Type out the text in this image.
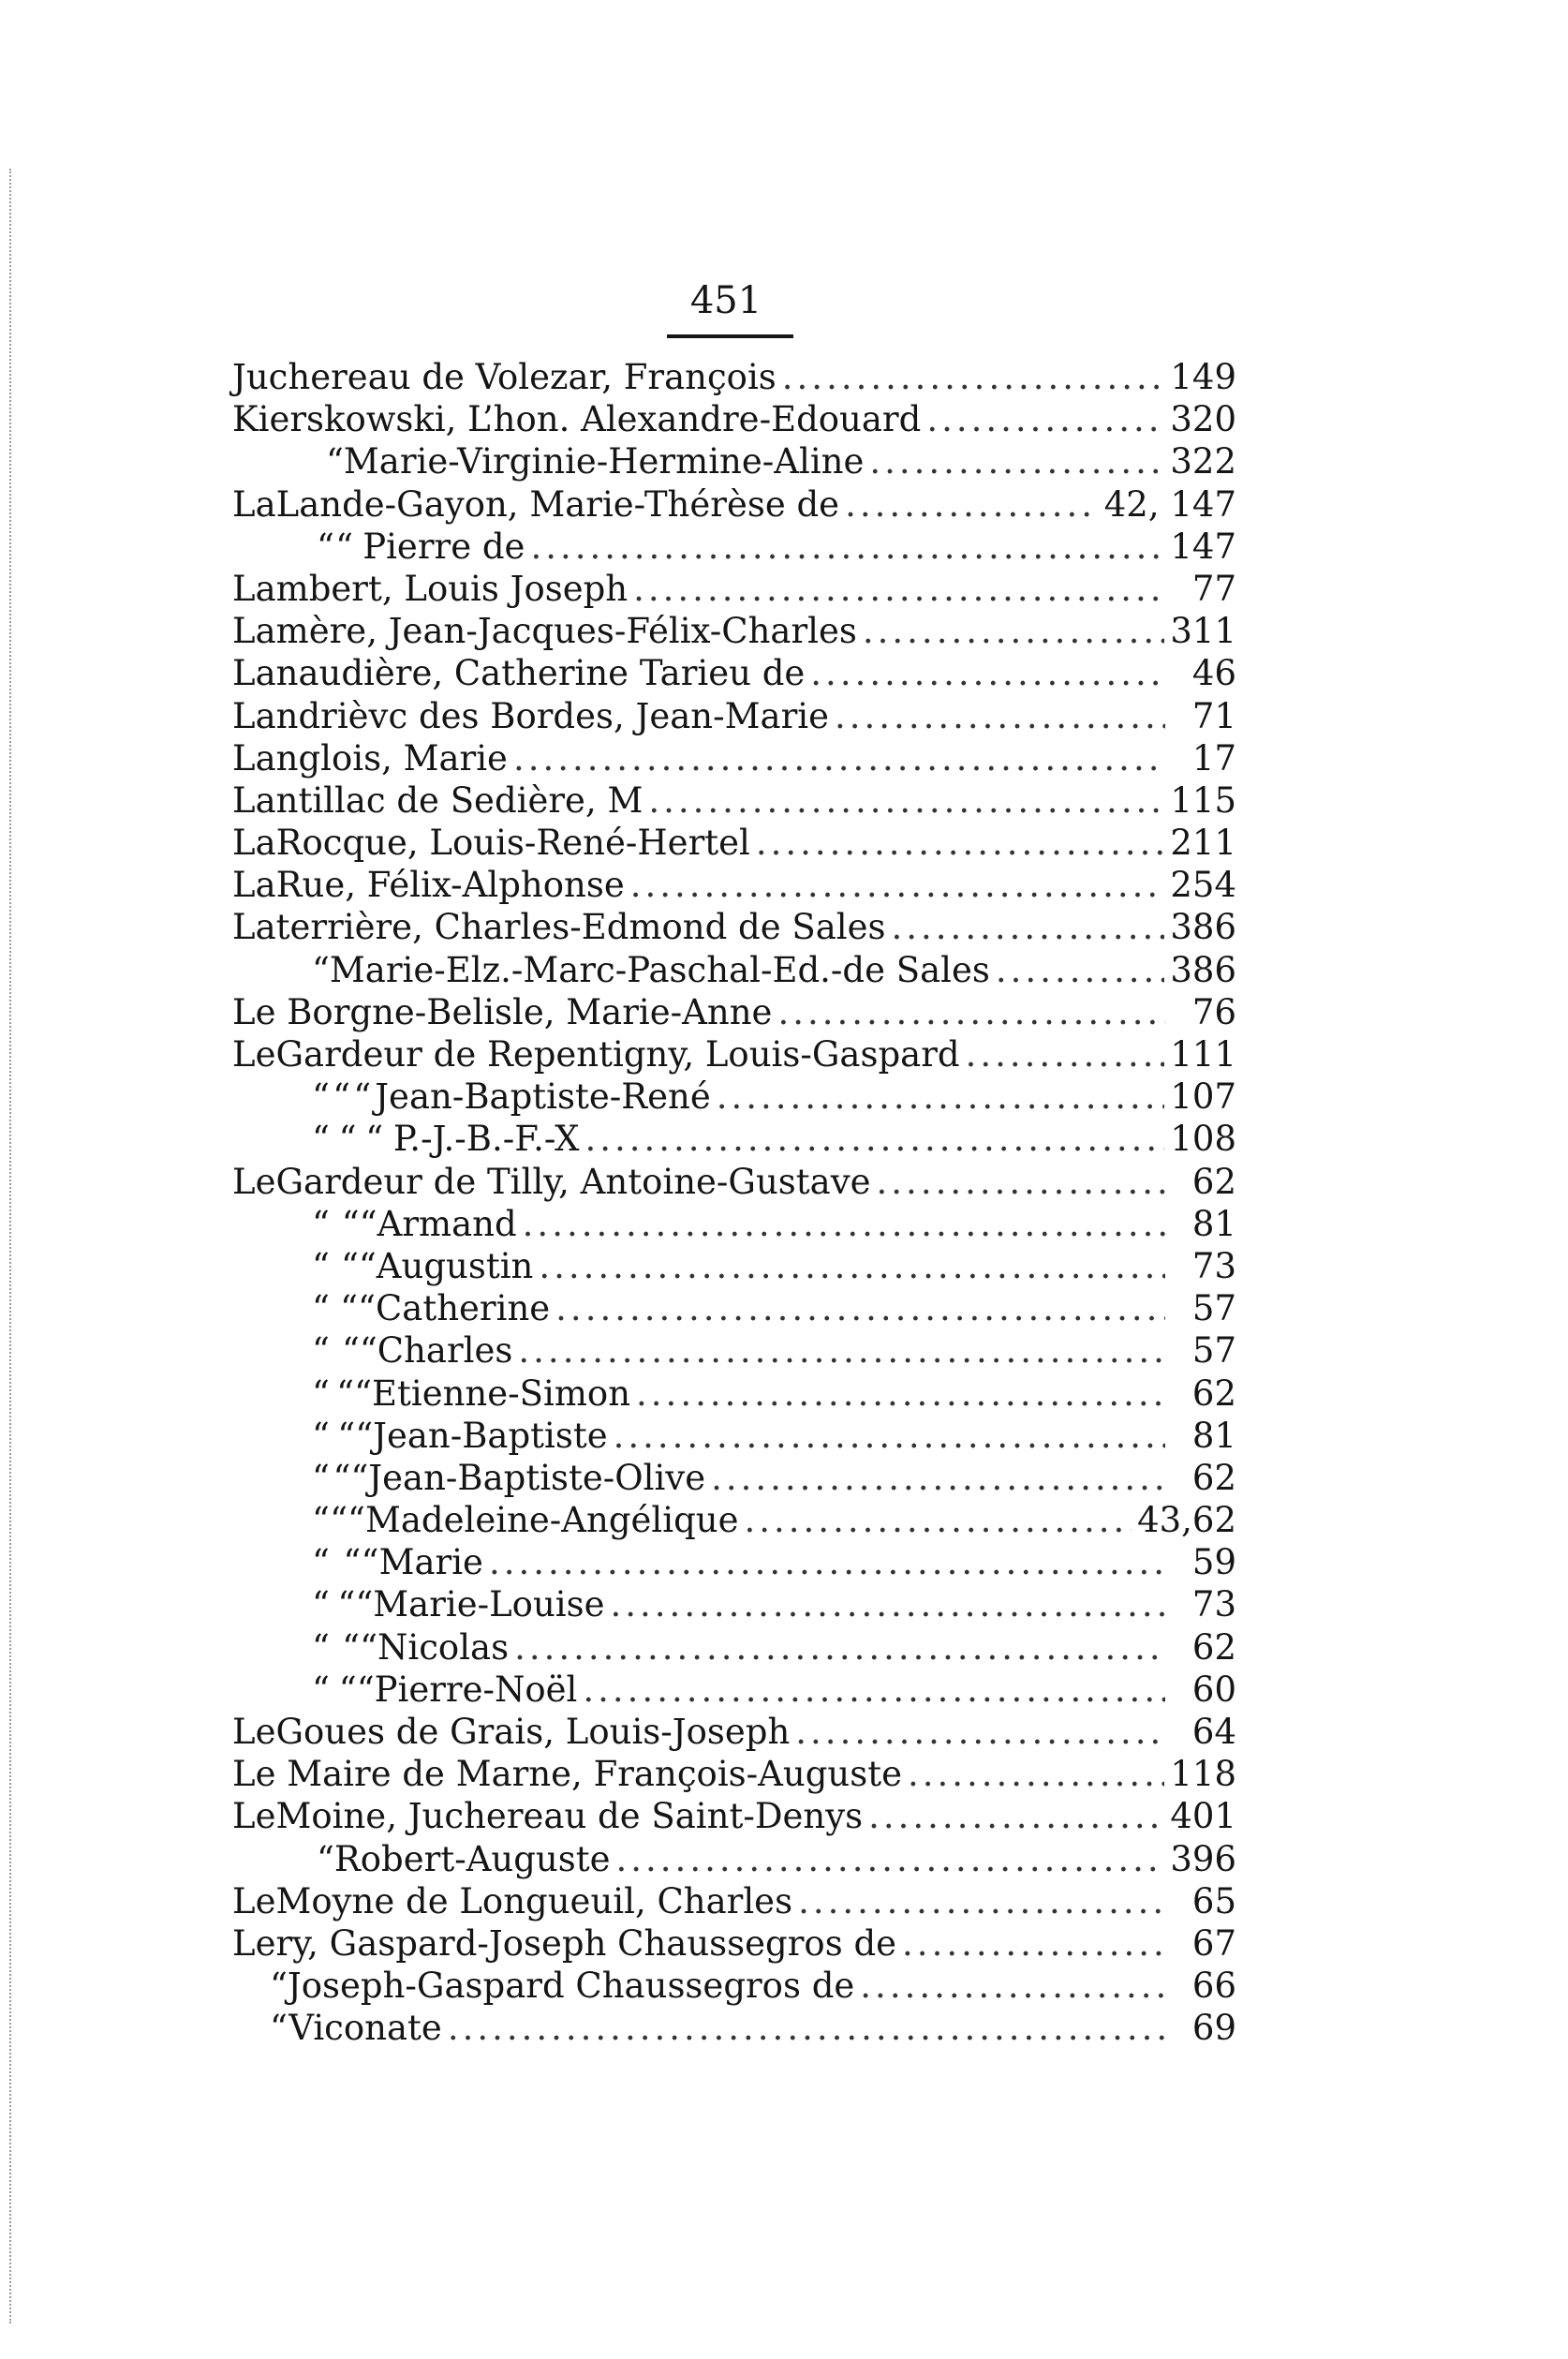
451
Juchereau de Volezar, François .....	149
Kierskowski, L’hon. Alexandre-Edouard .....	320
“ Marie-Virginie-Hermine-Aline .....	322
LaLande-Gayon, Marie-Thérèse de .....	42, 147
“ “ Pierre de .....	147
Lambert, Louis Joseph .....	77
Lamère, Jean-Jacques-Félix-Charles .....	311
Lanaudière, Catherine Tarieu de .....	46
Landrièvc des Bordes, Jean-Marie .....	71
Langlois, Marie .....	17
Lantillac de Sedière, M .....	115
LaRocque, Louis-René-Hertel .....	211
LaRue, Félix-Alphonse .....	254
Laterrière, Charles-Edmond de Sales .....	386
“ Marie-Elz.-Marc-Paschal-Ed.-de Sales .....	386
Le Borgne-Belisle, Marie-Anne .....	76
LeGardeur de Repentigny, Louis-Gaspard .....	111
“ “ “ Jean-Baptiste-René .....	107
“ “ “ P.-J.-B.-F.-X .....	108
LeGardeur de Tilly, Antoine-Gustave .....	62
“ “ “ Armand .....	81
“ “ “ Augustin .....	73
“ “ “ Catherine .....	57
“ “ “ Charles .....	57
“ “ “ Etienne-Simon .....	62
“ “ “ Jean-Baptiste .....	81
“ “ “ Jean-Baptiste-Olive .....	62
“ “ “ Madeleine-Angélique .....	43,62
“ “ “ Marie .....	59
“ “ “ Marie-Louise .....	73
“ “ “ Nicolas .....	62
“ “ “ Pierre-Noël .....	60
LeGoues de Grais, Louis-Joseph .....	64
Le Maire de Marne, François-Auguste .....	118
LeMoine, Juchereau de Saint-Denys .....	401
“ Robert-Auguste .....	396
LeMoyne de Longueuil, Charles .....	65
Lery, Gaspard-Joseph Chaussegros de .....	67
“ Joseph-Gaspard Chaussegros de .....	66
“ Viconate .....	69
